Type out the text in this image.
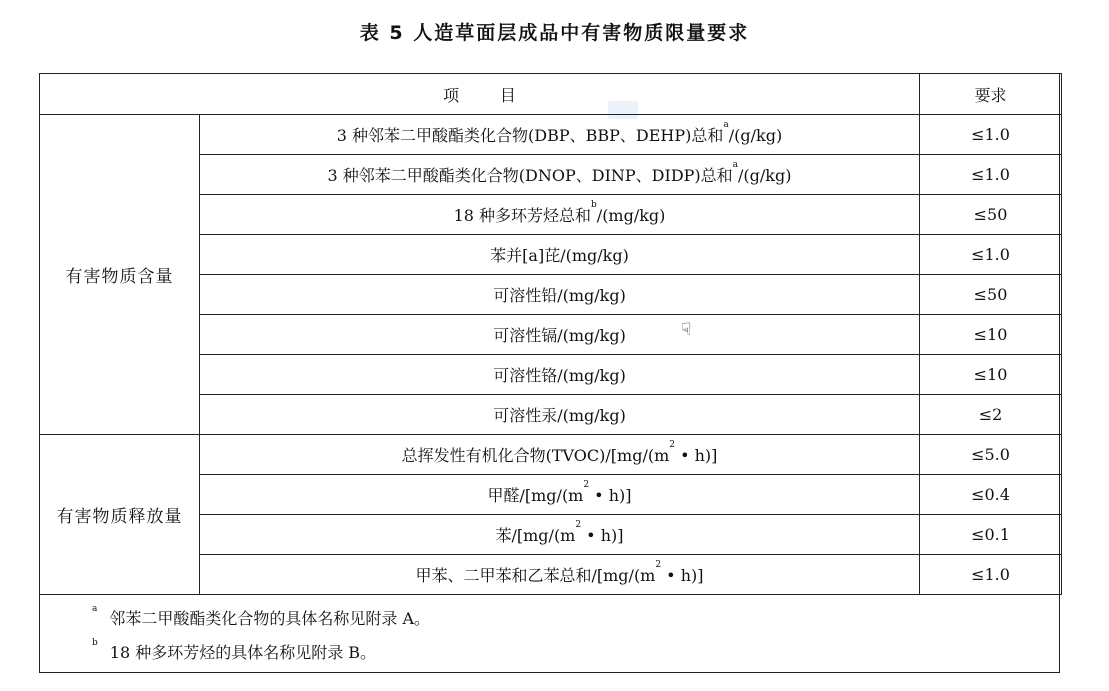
表 5 人造草面层成品中有害物质限量要求
项        目		要求
有害物质含量	3 种邻苯二甲酸酯类化合物(DBP、BBP、DEHP)总和$^a$/(g/kg)	≤1.0
	3 种邻苯二甲酸酯类化合物(DNOP、DINP、DIDP)总和$^a$/(g/kg)	≤1.0
	18 种多环芳烃总和$^b$/(mg/kg)	≤50
	苯并[a]芘/(mg/kg)	≤1.0
	可溶性铅/(mg/kg)	≤50
	可溶性镉/(mg/kg)	≤10
	可溶性铬/(mg/kg)	≤10
	可溶性汞/(mg/kg)	≤2
有害物质释放量	总挥发性有机化合物$(TVOC)/[mg/(m^2$ • h)]	≤5.0
	甲醛$/[mg/(m^2$ • h)]	≤0.4
	苯$/[mg/(m^2$ • h)]	≤0.1
	甲苯、二甲苯和乙苯总和$/[mg/(m^2$ • h)]	≤1.0
$^a$ 邻苯二甲酸酯类化合物的具体名称见附录 A。
$^b$ 18 种多环芳烃的具体名称见附录 B。
☟
